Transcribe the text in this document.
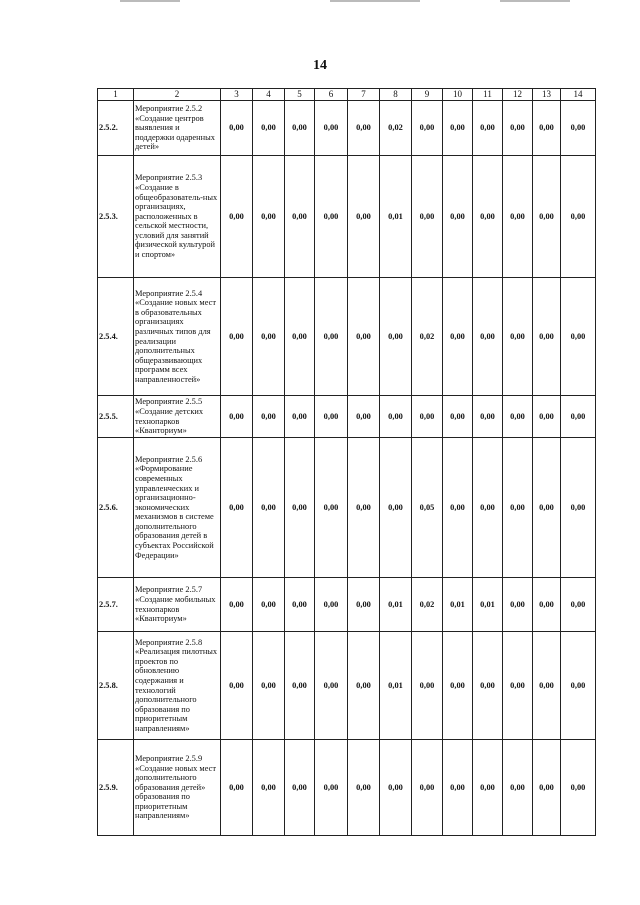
14
1	2	3	4	5	6	7	8	9	10	11	12	13	14
2.5.2.	Мероприятие 2.5.2 «Создание центров выявления и поддержки одаренных детей»	0,00	0,00	0,00	0,00	0,00	0,02	0,00	0,00	0,00	0,00	0,00	0,00
2.5.3.	Мероприятие 2.5.3 «Создание в общеобразователь-ных организациях, расположенных в сельской местности, условий для занятий физической культурой и спортом»	0,00	0,00	0,00	0,00	0,00	0,01	0,00	0,00	0,00	0,00	0,00	0,00
2.5.4.	Мероприятие 2.5.4 «Создание новых мест в образовательных организациях различных типов для реализации дополнительных общеразвивающих программ всех направленностей»	0,00	0,00	0,00	0,00	0,00	0,00	0,02	0,00	0,00	0,00	0,00	0,00
2.5.5.	Мероприятие 2.5.5 «Создание детских технопарков «Кванториум»	0,00	0,00	0,00	0,00	0,00	0,00	0,00	0,00	0,00	0,00	0,00	0,00
2.5.6.	Мероприятие 2.5.6 «Формирование современных управленческих и организационно-экономических механизмов в системе дополнительного образования детей в субъектах Российской Федерации»	0,00	0,00	0,00	0,00	0,00	0,00	0,05	0,00	0,00	0,00	0,00	0,00
2.5.7.	Мероприятие 2.5.7 «Создание мобильных технопарков «Кванториум»	0,00	0,00	0,00	0,00	0,00	0,01	0,02	0,01	0,01	0,00	0,00	0,00
2.5.8.	Мероприятие 2.5.8 «Реализация пилотных проектов по обновлению содержания и технологий дополнительного образования по приоритетным направлениям»	0,00	0,00	0,00	0,00	0,00	0,01	0,00	0,00	0,00	0,00	0,00	0,00
2.5.9.	Мероприятие 2.5.9 «Создание новых мест дополнительного образования детей» образования по приоритетным направлениям»	0,00	0,00	0,00	0,00	0,00	0,00	0,00	0,00	0,00	0,00	0,00	0,00
